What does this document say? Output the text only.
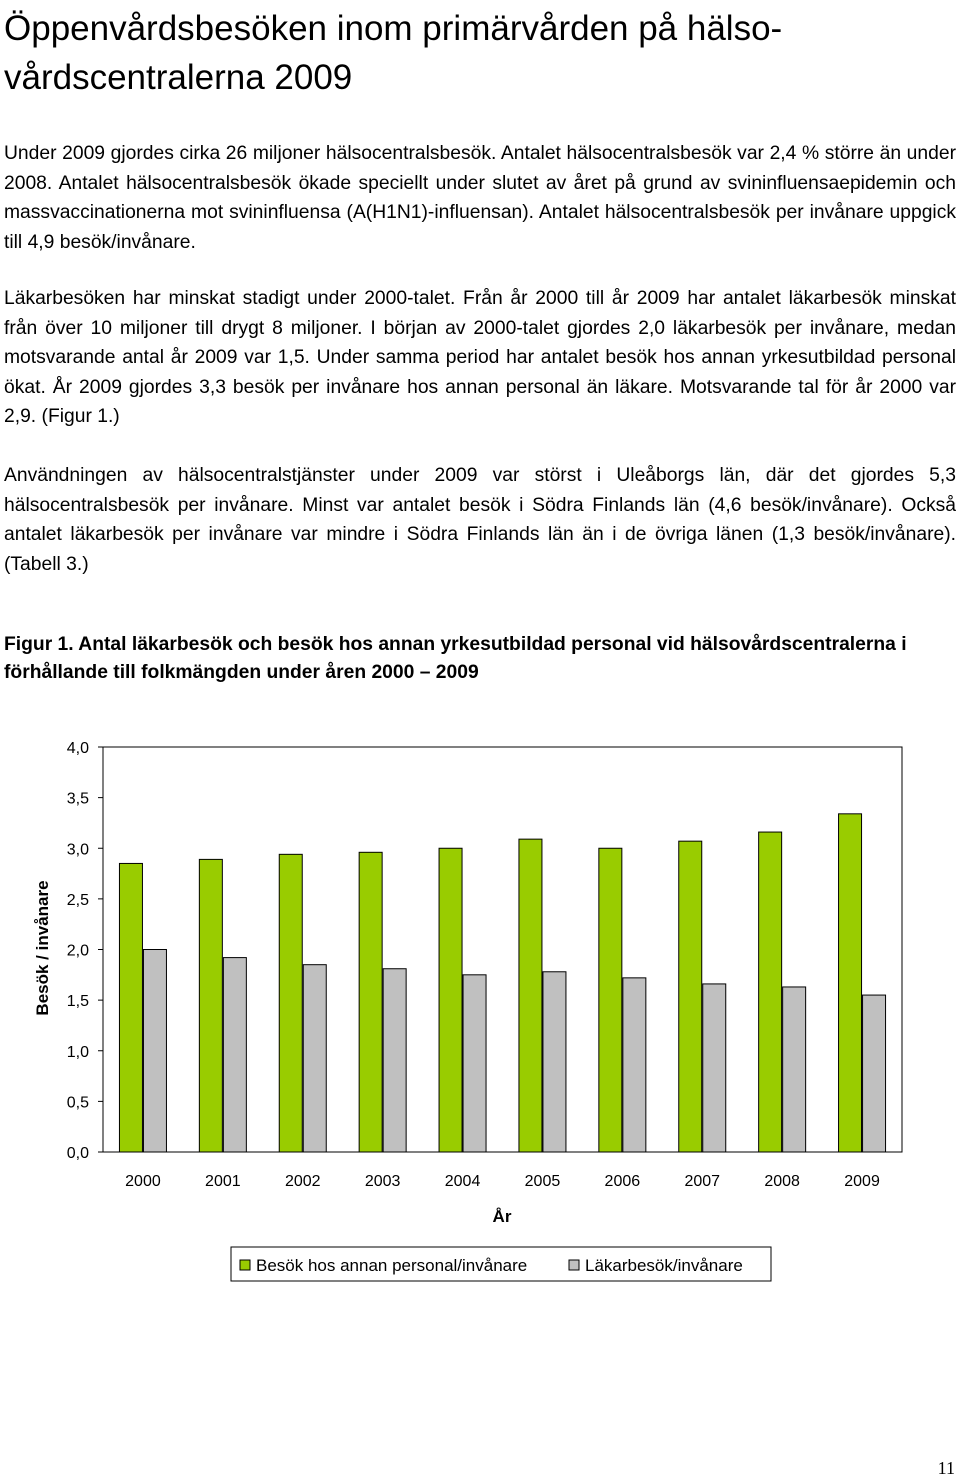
Öppenvårdsbesöken inom primärvården på hälso-
vårdscentralerna 2009

Under 2009 gjordes cirka 26 miljoner hälsocentralsbesök. Antalet hälsocentralsbesök var 2,4 % större än under 2008. Antalet hälsocentralsbesök ökade speciellt under slutet av året på grund av svininfluensaepidemin och massvaccinationerna mot svininfluensa (A(H1N1)-influensan). Antalet hälsocentralsbesök per invånare uppgick till 4,9 besök/invånare.

Läkarbesöken har minskat stadigt under 2000-talet. Från år 2000 till år 2009 har antalet läkarbesök minskat från över 10 miljoner till drygt 8 miljoner. I början av 2000-talet gjordes 2,0 läkarbesök per invånare, medan motsvarande antal år 2009 var 1,5. Under samma period har antalet besök hos annan yrkesutbildad personal ökat. År 2009 gjordes 3,3 besök per invånare hos annan personal än läkare. Motsvarande tal för år 2000 var 2,9. (Figur 1.)

Användningen av hälsocentralstjänster under 2009 var störst i Uleåborgs län, där det gjordes 5,3 hälsocentralsbesök per invånare. Minst var antalet besök i Södra Finlands län (4,6 besök/invånare). Också antalet läkarbesök per invånare var mindre i Södra Finlands län än i de övriga länen (1,3 besök/invånare). (Tabell 3.)

Figur 1. Antal läkarbesök och besök hos annan yrkesutbildad personal vid hälsovårdscentralerna i förhållande till folkmängden under åren 2000 – 2009

0,0
0,5
1,0
1,5
2,0
2,5
3,0
3,5
4,0
2000	2001	2002	2003	2004	2005	2006	2007	2008	2009
Besök / invånare
År
Besök hos annan personal/invånare	Läkarbesök/invånare
11
